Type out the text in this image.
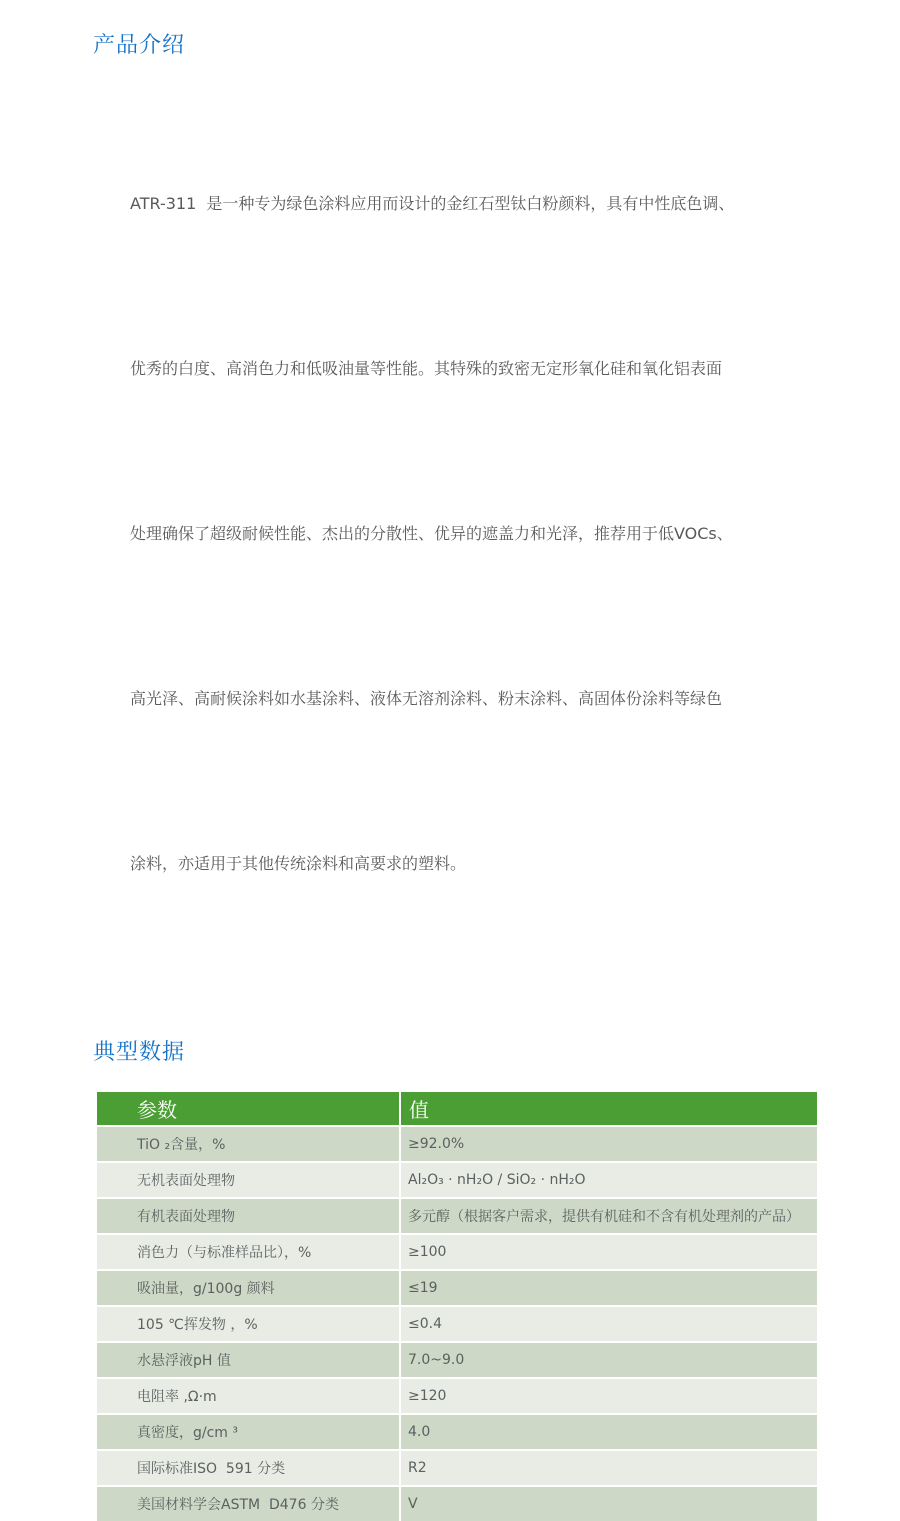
产品介绍

ATR-311  是一种专为绿色涂料应用而设计的金红石型钛白粉颜料，具有中性底色调、

优秀的白度、高消色力和低吸油量等性能。其特殊的致密无定形氧化硅和氧化铝表面

处理确保了超级耐候性能、杰出的分散性、优异的遮盖力和光泽，推荐用于低VOCs、

高光泽、高耐候涂料如水基涂料、液体无溶剂涂料、粉末涂料、高固体份涂料等绿色

涂料，亦适用于其他传统涂料和高要求的塑料。

典型数据
参数	值
TiO ₂含量，%	≥92.0%
无机表面处理物	Al₂O₃ · nH₂O / SiO₂ · nH₂O
有机表面处理物	多元醇（根据客户需求，提供有机硅和不含有机处理剂的产品）
消色力（与标准样品比），%	≥100
吸油量，g/100g 颜料	≤19
105 ℃挥发物 ，%	≤0.4
水悬浮液pH 值	7.0~9.0
电阻率 ,Ω·m	≥120
真密度，g/cm ³	4.0
国际标准ISO  591 分类	R2
美国材料学会ASTM  D476 分类	V
